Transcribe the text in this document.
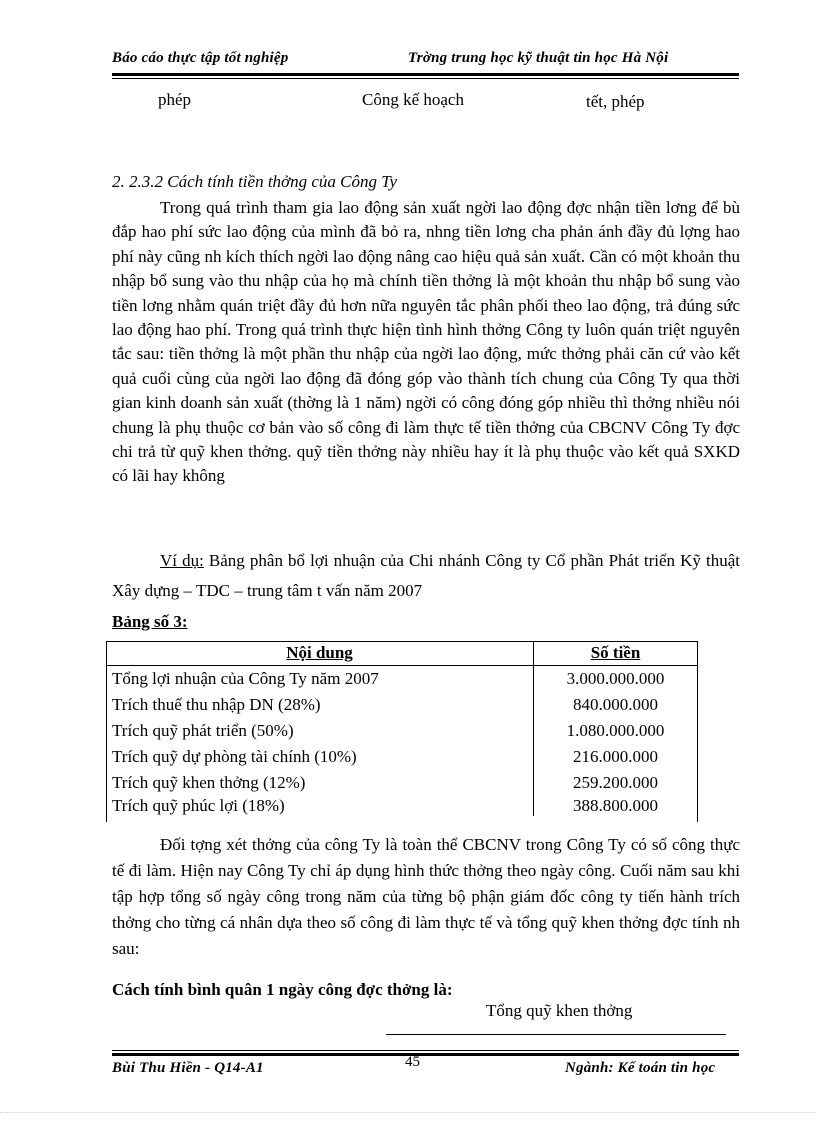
Báo cáo thực tập tốt nghiệp	Trờng trung học kỹ thuật tin học Hà Nội
phép	Công kế hoạch	tết, phép
2. 2.3.2 Cách tính tiền thởng của Công Ty

Trong quá trình tham gia lao động sản xuất ngời lao động đợc nhận tiền lơng để bù đắp hao phí sức lao động của mình đã bỏ ra, nhng tiền lơng cha phản ánh đầy đủ lợng hao phí này cũng nh kích thích ngời lao động nâng cao hiệu quả sản xuất. Cần có một khoản thu nhập bổ sung vào thu nhập của họ mà chính tiền thởng là một khoản thu nhập bổ sung vào tiền lơng nhằm quán triệt đầy đủ hơn nữa nguyên tắc phân phối theo lao động, trả đúng sức lao động hao phí. Trong quá trình thực hiện tình hình thởng Công ty luôn quán triệt nguyên tắc sau: tiền thởng là một phần thu nhập của ngời lao động, mức thởng phải căn cứ vào kết quả cuối cùng của ngời lao động đã đóng góp vào thành tích chung của Công Ty qua thời gian kinh doanh sản xuất (thờng là 1 năm) ngời có công đóng góp nhiều thì thởng nhiều nói chung là phụ thuộc cơ bản vào số công đi làm thực tế tiền thởng của CBCNV Công Ty đợc chi trả từ quỹ khen thởng. quỹ tiền thởng này nhiều hay ít là phụ thuộc vào kết quả SXKD có lãi hay không

Ví dụ: Bảng phân bổ lợi nhuận của Chi nhánh Công ty Cổ phần Phát triển Kỹ thuật Xây dựng – TDC – trung tâm t vấn năm 2007

Bảng số 3:
Nội dung	Số tiền
Tổng lợi nhuận của Công Ty năm 2007	3.000.000.000
Trích thuế thu nhập DN (28%)	840.000.000
Trích quỹ phát triển (50%)	1.080.000.000
Trích quỹ dự phòng tài chính (10%)	216.000.000
Trích quỹ khen thởng (12%)	259.200.000
Trích quỹ phúc lợi (18%)	388.800.000

Đối tợng xét thởng của công Ty là toàn thể CBCNV trong Công Ty có số công thực tế đi làm. Hiện nay Công Ty chỉ áp dụng hình thức thởng theo ngày công. Cuối năm sau khi tập hợp tổng số ngày công trong năm của từng bộ phận giám đốc công ty tiến hành trích thởng cho từng cá nhân dựa theo số công đi làm thực tế và tổng quỹ khen thởng đợc tính nh sau:

Cách tính bình quân 1 ngày công đợc thởng là:
Tổng quỹ khen thởng
Bùi Thu Hiền - Q14-A1	45	Ngành: Kế toán tin học
